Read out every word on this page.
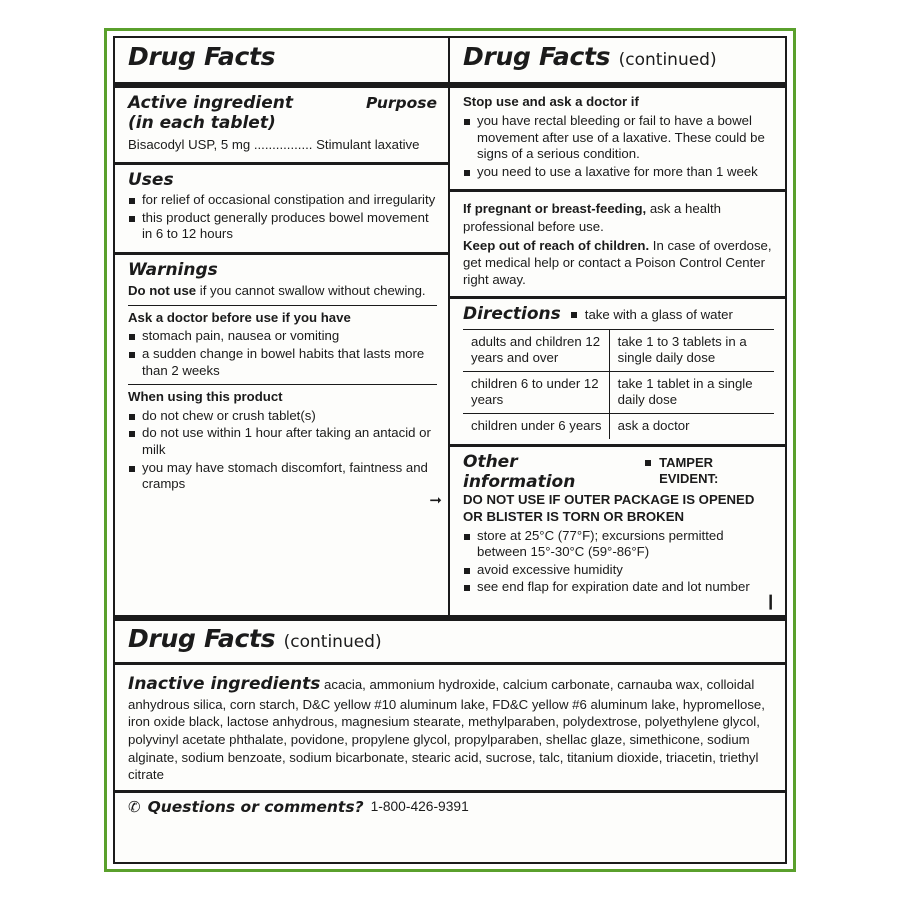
Drug Facts
Active ingredient	Purpose
(in each tablet)
Bisacodyl USP, 5 mg ................ Stimulant laxative
Uses
for relief of occasional constipation and irregularity
this product generally produces bowel movement in 6 to 12 hours
Warnings
Do not use if you cannot swallow without chewing.
Ask a doctor before use if you have
stomach pain, nausea or vomiting
a sudden change in bowel habits that lasts more than 2 weeks
When using this product
do not chew or crush tablet(s)
do not use within 1 hour after taking an antacid or milk
you may have stomach discomfort, faintness and cramps
➞
Drug Facts (continued)
Stop use and ask a doctor if
you have rectal bleeding or fail to have a bowel movement after use of a laxative. These could be signs of a serious condition.
you need to use a laxative for more than 1 week
If pregnant or breast-feeding, ask a health professional before use.
Keep out of reach of children. In case of overdose, get medical help or contact a Poison Control Center right away.
Directions	take with a glass of water
adults and children 12 years and over	take 1 to 3 tablets in a single daily dose
children 6 to under 12 years	take 1 tablet in a single daily dose
children under 6 years	ask a doctor
Other information
TAMPER EVIDENT:
DO NOT USE IF OUTER PACKAGE IS OPENED OR BLISTER IS TORN OR BROKEN
store at 25°C (77°F); excursions permitted between 15°-30°C (59°-86°F)
avoid excessive humidity
see end flap for expiration date and lot number
❙
Drug Facts (continued)
Inactive ingredients acacia, ammonium hydroxide, calcium carbonate, carnauba wax, colloidal anhydrous silica, corn starch, D&C yellow #10 aluminum lake, FD&C yellow #6 aluminum lake, hypromellose, iron oxide black, lactose anhydrous, magnesium stearate, methylparaben, polydextrose, polyethylene glycol, polyvinyl acetate phthalate, povidone, propylene glycol, propylparaben, shellac glaze, simethicone, sodium alginate, sodium benzoate, sodium bicarbonate, stearic acid, sucrose, talc, titanium dioxide, triacetin, triethyl citrate
✆ Questions or comments? 1-800-426-9391
